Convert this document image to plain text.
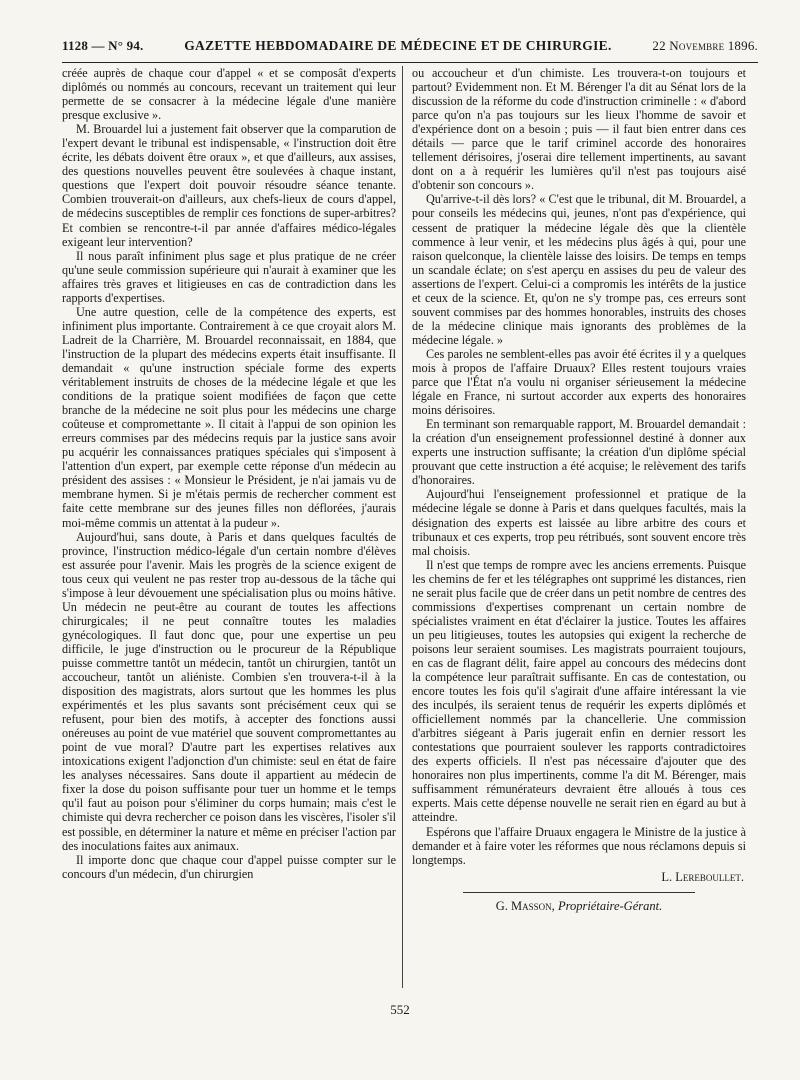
1128 — N° 94.	GAZETTE HEBDOMADAIRE DE MÉDECINE ET DE CHIRURGIE.	22 Novembre 1896.

créée auprès de chaque cour d'appel « et se composât d'experts diplômés ou nommés au concours, recevant un traitement qui leur permette de se consacrer à la médecine légale d'une manière presque exclusive ».

M. Brouardel lui a justement fait observer que la comparution de l'expert devant le tribunal est indispensable, « l'instruction doit être écrite, les débats doivent être oraux », et que d'ailleurs, aux assises, des questions nouvelles peuvent être soulevées à chaque instant, questions que l'expert doit pouvoir résoudre séance tenante. Combien trouverait-on d'ailleurs, aux chefs-lieux de cours d'appel, de médecins susceptibles de remplir ces fonctions de super-arbitres? Et combien se rencontre-t-il par année d'affaires médico-légales exigeant leur intervention?

Il nous paraît infiniment plus sage et plus pratique de ne créer qu'une seule commission supérieure qui n'aurait à examiner que les affaires très graves et litigieuses en cas de contradiction dans les rapports d'expertises.

Une autre question, celle de la compétence des experts, est infiniment plus importante. Contrairement à ce que croyait alors M. Ladreit de la Charrière, M. Brouardel reconnaissait, en 1884, que l'instruction de la plupart des médecins experts était insuffisante. Il demandait « qu'une instruction spéciale forme des experts véritablement instruits de choses de la médecine légale et que les conditions de la pratique soient modifiées de façon que cette branche de la médecine ne soit plus pour les médecins une charge coûteuse et compromettante ». Il citait à l'appui de son opinion les erreurs commises par des médecins requis par la justice sans avoir pu acquérir les connaissances pratiques spéciales qui s'imposent à l'attention d'un expert, par exemple cette réponse d'un médecin au président des assises : « Monsieur le Président, je n'ai jamais vu de membrane hymen. Si je m'étais permis de rechercher comment est faite cette membrane sur des jeunes filles non déflorées, j'aurais moi-même commis un attentat à la pudeur ».

Aujourd'hui, sans doute, à Paris et dans quelques facultés de province, l'instruction médico-légale d'un certain nombre d'élèves est assurée pour l'avenir. Mais les progrès de la science exigent de tous ceux qui veulent ne pas rester trop au-dessous de la tâche qui s'impose à leur dévouement une spécialisation plus ou moins hâtive. Un médecin ne peut-être au courant de toutes les affections chirurgicales; il ne peut connaître toutes les maladies gynécologiques. Il faut donc que, pour une expertise un peu difficile, le juge d'instruction ou le procureur de la République puisse commettre tantôt un médecin, tantôt un chirurgien, tantôt un accoucheur, tantôt un aliéniste. Combien s'en trouvera-t-il à la disposition des magistrats, alors surtout que les hommes les plus expérimentés et les plus savants sont précisément ceux qui se refusent, pour bien des motifs, à accepter des fonctions aussi onéreuses au point de vue matériel que souvent compromettantes au point de vue moral? D'autre part les expertises relatives aux intoxications exigent l'adjonction d'un chimiste: seul en état de faire les analyses nécessaires. Sans doute il appartient au médecin de fixer la dose du poison suffisante pour tuer un homme et le temps qu'il faut au poison pour s'éliminer du corps humain; mais c'est le chimiste qui devra rechercher ce poison dans les viscères, l'isoler s'il est possible, en déterminer la nature et même en préciser l'action par des inoculations faites aux animaux.

Il importe donc que chaque cour d'appel puisse compter sur le concours d'un médecin, d'un chirurgien

ou accoucheur et d'un chimiste. Les trouvera-t-on toujours et partout? Evidemment non. Et M. Bérenger l'a dit au Sénat lors de la discussion de la réforme du code d'instruction criminelle : « d'abord parce qu'on n'a pas toujours sur les lieux l'homme de savoir et d'expérience dont on a besoin ; puis — il faut bien entrer dans ces détails — parce que le tarif criminel accorde des honoraires tellement dérisoires, j'oserai dire tellement impertinents, au savant dont on a à requérir les lumières qu'il n'est pas toujours aisé d'obtenir son concours ».

Qu'arrive-t-il dès lors? « C'est que le tribunal, dit M. Brouardel, a pour conseils les médecins qui, jeunes, n'ont pas d'expérience, qui cessent de pratiquer la médecine légale dès que la clientèle commence à leur venir, et les médecins plus âgés à qui, pour une raison quelconque, la clientèle laisse des loisirs. De temps en temps un scandale éclate; on s'est aperçu en assises du peu de valeur des assertions de l'expert. Celui-ci a compromis les intérêts de la justice et ceux de la science. Et, qu'on ne s'y trompe pas, ces erreurs sont souvent commises par des hommes honorables, instruits des choses de la médecine clinique mais ignorants des problèmes de la médecine légale. »

Ces paroles ne semblent-elles pas avoir été écrites il y a quelques mois à propos de l'affaire Druaux? Elles restent toujours vraies parce que l'État n'a voulu ni organiser sérieusement la médecine légale en France, ni surtout accorder aux experts des honoraires moins dérisoires.

En terminant son remarquable rapport, M. Brouardel demandait : la création d'un enseignement professionnel destiné à donner aux experts une instruction suffisante; la création d'un diplôme spécial prouvant que cette instruction a été acquise; le relèvement des tarifs d'honoraires.

Aujourd'hui l'enseignement professionnel et pratique de la médecine légale se donne à Paris et dans quelques facultés, mais la désignation des experts est laissée au libre arbitre des cours et tribunaux et ces experts, trop peu rétribués, sont souvent encore très mal choisis.

Il n'est que temps de rompre avec les anciens errements. Puisque les chemins de fer et les télégraphes ont supprimé les distances, rien ne serait plus facile que de créer dans un petit nombre de centres des commissions d'expertises comprenant un certain nombre de spécialistes vraiment en état d'éclairer la justice. Toutes les affaires un peu litigieuses, toutes les autopsies qui exigent la recherche de poisons leur seraient soumises. Les magistrats pourraient toujours, en cas de flagrant délit, faire appel au concours des médecins dont la compétence leur paraîtrait suffisante. En cas de contestation, ou encore toutes les fois qu'il s'agirait d'une affaire intéressant la vie des inculpés, ils seraient tenus de requérir les experts diplômés et officiellement nommés par la chancellerie. Une commission d'arbitres siégeant à Paris jugerait enfin en dernier ressort les contestations que pourraient soulever les rapports contradictoires des experts officiels. Il n'est pas nécessaire d'ajouter que des honoraires non plus impertinents, comme l'a dit M. Bérenger, mais suffisamment rémunérateurs devraient être alloués à tous ces experts. Mais cette dépense nouvelle ne serait rien en égard au but à atteindre.

Espérons que l'affaire Druaux engagera le Ministre de la justice à demander et à faire voter les réformes que nous réclamons depuis si longtemps.

L. Lereboullet.
G. Masson, Propriétaire-Gérant.
552
